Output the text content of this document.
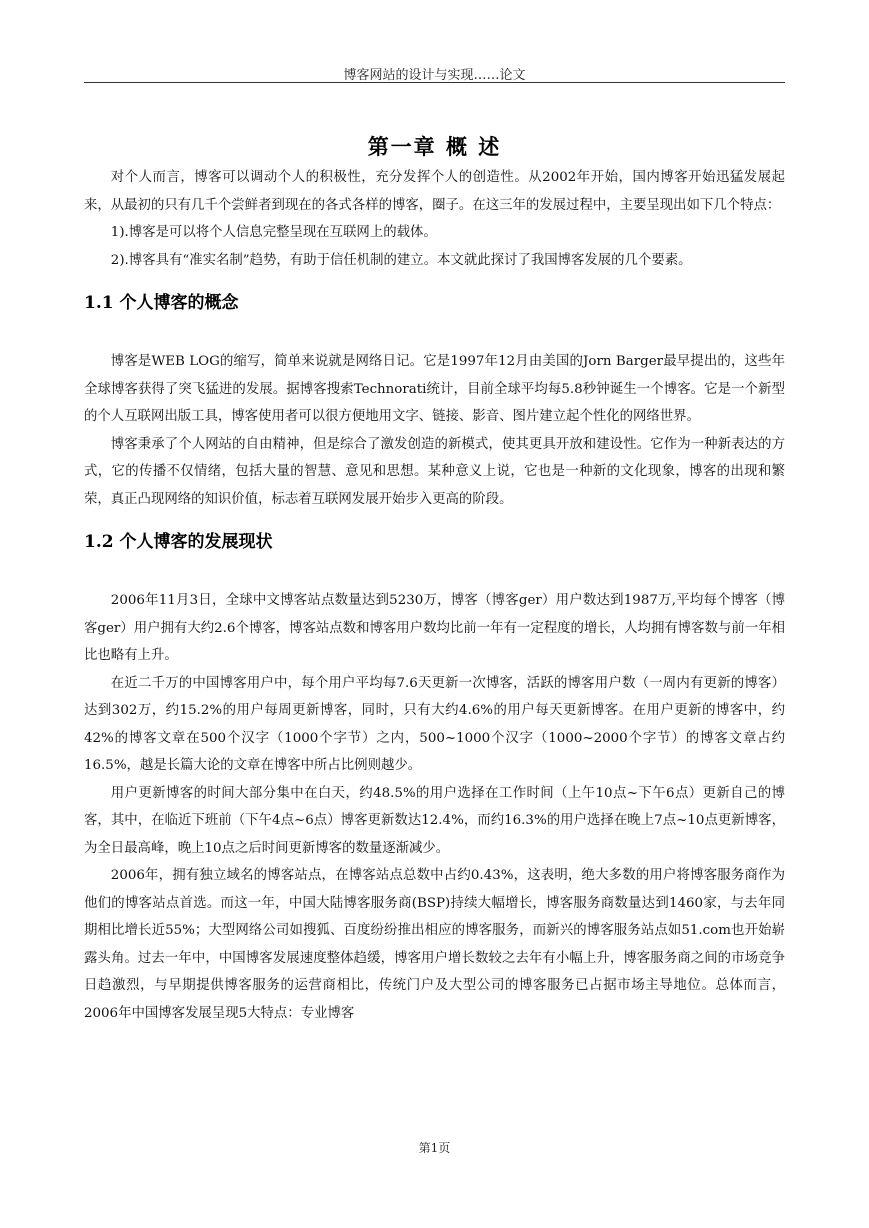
博客网站的设计与实现……论文
第一章 概 述

对个人而言，博客可以调动个人的积极性，充分发挥个人的创造性。从2002年开始，国内博客开始迅猛发展起来，从最初的只有几千个尝鲜者到现在的各式各样的博客，圈子。在这三年的发展过程中，主要呈现出如下几个特点：

1).博客是可以将个人信息完整呈现在互联网上的载体。

2).博客具有“准实名制”趋势，有助于信任机制的建立。本文就此探讨了我国博客发展的几个要素。

1.1 个人博客的概念

博客是WEB LOG的缩写，简单来说就是网络日记。它是1997年12月由美国的Jorn Barger最早提出的，这些年全球博客获得了突飞猛进的发展。据博客搜索Technorati统计，目前全球平均每5.8秒钟诞生一个博客。它是一个新型的个人互联网出版工具，博客使用者可以很方便地用文字、链接、影音、图片建立起个性化的网络世界。

博客秉承了个人网站的自由精神，但是综合了激发创造的新模式，使其更具开放和建设性。它作为一种新表达的方式，它的传播不仅情绪，包括大量的智慧、意见和思想。某种意义上说，它也是一种新的文化现象，博客的出现和繁荣，真正凸现网络的知识价值，标志着互联网发展开始步入更高的阶段。

1.2 个人博客的发展现状

2006年11月3日，全球中文博客站点数量达到5230万，博客（博客ger）用户数达到1987万,平均每个博客（博客ger）用户拥有大约2.6个博客，博客站点数和博客用户数均比前一年有一定程度的增长，人均拥有博客数与前一年相比也略有上升。

在近二千万的中国博客用户中，每个用户平均每7.6天更新一次博客，活跃的博客用户数（一周内有更新的博客）达到302万，约15.2%的用户每周更新博客，同时，只有大约4.6%的用户每天更新博客。在用户更新的博客中，约42%的博客文章在500个汉字（1000个字节）之内，500~1000个汉字（1000~2000个字节）的博客文章占约16.5%，越是长篇大论的文章在博客中所占比例则越少。

用户更新博客的时间大部分集中在白天，约48.5%的用户选择在工作时间（上午10点~下午6点）更新自己的博客，其中，在临近下班前（下午4点~6点）博客更新数达12.4%，而约16.3%的用户选择在晚上7点~10点更新博客，为全日最高峰，晚上10点之后时间更新博客的数量逐渐减少。

2006年，拥有独立域名的博客站点，在博客站点总数中占约0.43%，这表明，绝大多数的用户将博客服务商作为他们的博客站点首选。而这一年，中国大陆博客服务商(BSP)持续大幅增长，博客服务商数量达到1460家，与去年同期相比增长近55%；大型网络公司如搜狐、百度纷纷推出相应的博客服务，而新兴的博客服务站点如51.com也开始崭露头角。过去一年中，中国博客发展速度整体趋缓，博客用户增长数较之去年有小幅上升，博客服务商之间的市场竞争日趋激烈，与早期提供博客服务的运营商相比，传统门户及大型公司的博客服务已占据市场主导地位。总体而言，2006年中国博客发展呈现5大特点：专业博客

第1页
